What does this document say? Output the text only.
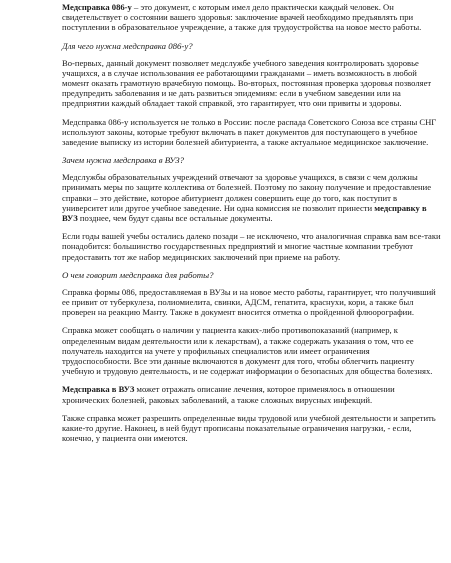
Медсправка 086-у – это документ, с которым имел дело практически каждый человек. Он свидетельствует о состоянии вашего здоровья: заключение врачей необходимо предъявлять при поступлении в образовательное учреждение, а также для трудоустройства на новое место работы.
Для чего нужна медсправка 086-у?
Во-первых, данный документ позволяет медслужбе учебного заведения контролировать здоровье учащихся, а в случае использования ее работающими гражданами – иметь возможность в любой момент оказать грамотную врачебную помощь. Во-вторых, постоянная проверка здоровья позволяет предупредить заболевания и не дать развиться эпидемиям: если в учебном заведении или на предприятии каждый обладает такой справкой, это гарантирует, что они привиты и здоровы.
Медсправка 086-у используется не только в России: после распада Советского Союза все страны СНГ используют законы, которые требуют включать в пакет документов для поступающего в учебное заведение выписку из истории болезней абитуриента, а также актуальное медицинское заключение.
Зачем нужна медсправка в ВУЗ?
Медслужбы образовательных учреждений отвечают за здоровье учащихся, в связи с чем должны принимать меры по защите коллектива от болезней. Поэтому по закону получение и предоставление справки – это действие, которое абитуриент должен совершить еще до того, как поступит в университет или другое учебное заведение. Ни одна комиссия не позволит принести медсправку в ВУЗ позднее, чем будут сданы все остальные документы.
Если годы вашей учебы остались далеко позади – не исключено, что аналогичная справка вам все-таки понадобится: большинство государственных предприятий и многие частные компании требуют предоставить тот же набор медицинских заключений при приеме на работу.
О чем говорит медсправка для работы?
Справка формы 086, предоставляемая в ВУЗы и на новое место работы, гарантирует, что получивший ее привит от туберкулеза, полиомиелита, свинки, АДСМ, гепатита, краснухи, кори, а также был проверен на реакцию Манту. Также в документ вносится отметка о пройденной флюорографии.
Справка может сообщать о наличии у пациента каких-либо противопоказаний (например, к определенным видам деятельности или к лекарствам), а также содержать указания о том, что ее получатель находится на учете у профильных специалистов или имеет ограничения трудоспособности. Все эти данные включаются в документ для того, чтобы облегчить пациенту учебную и трудовую деятельность, и не содержат информации о безопасных для общества болезнях.
Медсправка в ВУЗ может отражать описание лечения, которое применялось в отношении хронических болезней, раковых заболеваний, а также сложных вирусных инфекций.
Также справка может разрешить определенные виды трудовой или учебной деятельности и запретить какие-то другие. Наконец, в ней будут прописаны показательные ограничения нагрузки, - если, конечно, у пациента они имеются.
